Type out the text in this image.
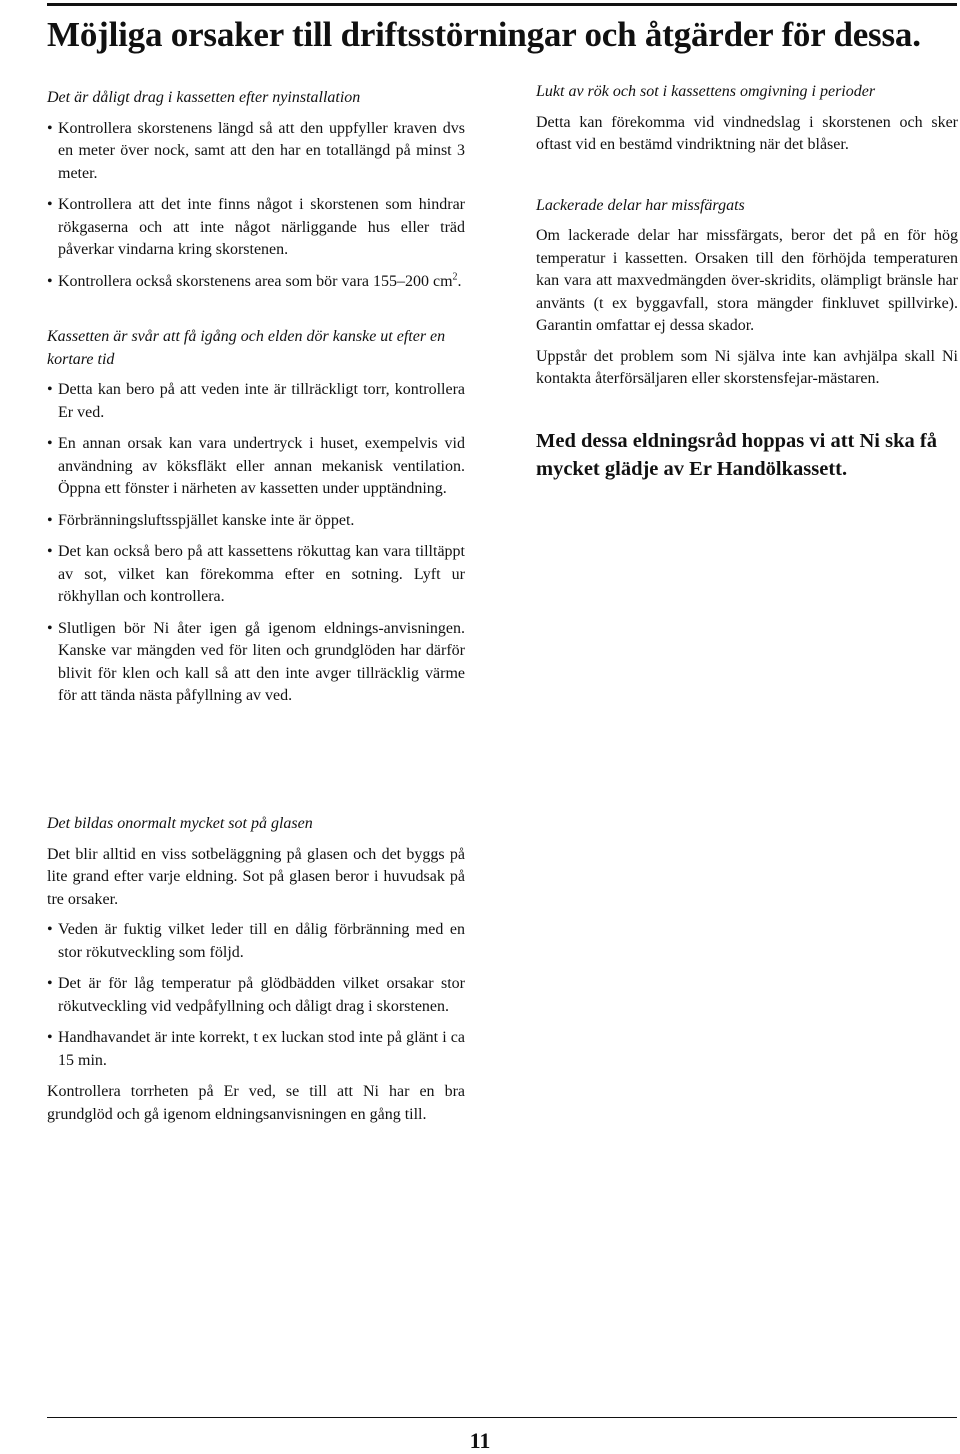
Möjliga orsaker till driftsstörningar och åtgärder för dessa.

Det är dåligt drag i kassetten efter nyinstallation

• Kontrollera skorstenens längd så att den uppfyller kraven dvs en meter över nock, samt att den har en totallängd på minst 3 meter.
• Kontrollera att det inte finns något i skorstenen som hindrar rökgaserna och att inte något närliggande hus eller träd påverkar vindarna kring skorstenen.
• Kontrollera också skorstenens area som bör vara 155–200 $cm^2$.

Kassetten är svår att få igång och elden dör kanske ut efter en kortare tid

• Detta kan bero på att veden inte är tillräckligt torr, kontrollera Er ved.
• En annan orsak kan vara undertryck i huset, exempelvis vid användning av köksfläkt eller annan mekanisk ventilation. Öppna ett fönster i närheten av kassetten under upptändning.
• Förbränningsluftsspjället kanske inte är öppet.
• Det kan också bero på att kassettens rökuttag kan vara tilltäppt av sot, vilket kan förekomma efter en sotning. Lyft ur rökhyllan och kontrollera.
• Slutligen bör Ni åter igen gå igenom eldnings-anvisningen. Kanske var mängden ved för liten och grundglöden har därför blivit för klen och kall så att den inte avger tillräcklig värme för att tända nästa påfyllning av ved.

Det bildas onormalt mycket sot på glasen

Det blir alltid en viss sotbeläggning på glasen och det byggs på lite grand efter varje eldning. Sot på glasen beror i huvudsak på tre orsaker.

• Veden är fuktig vilket leder till en dålig förbränning med en stor rökutveckling som följd.
• Det är för låg temperatur på glödbädden vilket orsakar stor rökutveckling vid vedpåfyllning och dåligt drag i skorstenen.
• Handhavandet är inte korrekt, t ex luckan stod inte på glänt i ca 15 min.

Kontrollera torrheten på Er ved, se till att Ni har en bra grundglöd och gå igenom eldningsanvisningen en gång till.

Lukt av rök och sot i kassettens omgivning i perioder

Detta kan förekomma vid vindnedslag i skorstenen och sker oftast vid en bestämd vindriktning när det blåser.

Lackerade delar har missfärgats

Om lackerade delar har missfärgats, beror det på en för hög temperatur i kassetten. Orsaken till den förhöjda temperaturen kan vara att maxvedmängden över-skridits, olämpligt bränsle har använts (t ex byggavfall, stora mängder finkluvet spillvirke). Garantin omfattar ej dessa skador.

Uppstår det problem som Ni själva inte kan avhjälpa skall Ni kontakta återförsäljaren eller skorstensfejar-mästaren.

Med dessa eldningsråd hoppas vi att Ni ska få mycket glädje av Er Handölkassett.

11
